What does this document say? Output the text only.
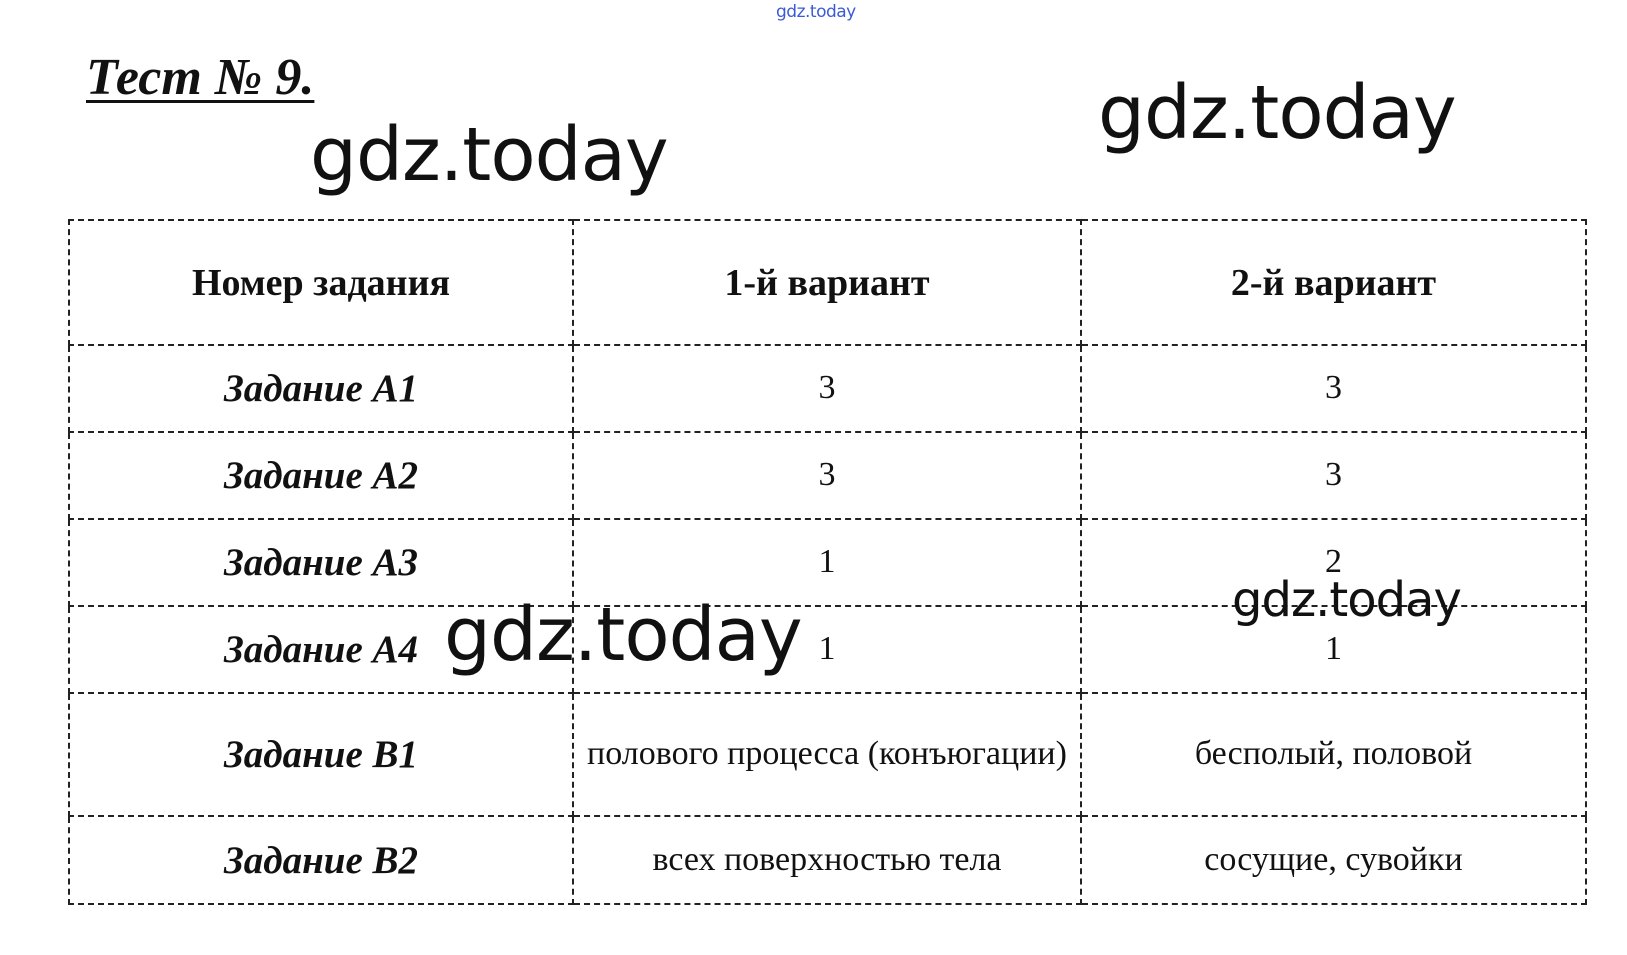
gdz.today
Тест № 9.
gdz.today	gdz.today
Номер задания	1-й вариант	2-й вариант
Задание А1	3	3
Задание А2	3	3
Задание А3	1	2
Задание А4	1	1
Задание В1	полового процесса (конъюгации)	бесполый, половой
Задание В2	всех поверхностью тела	сосущие, сувойки
gdz.today	gdz.today
